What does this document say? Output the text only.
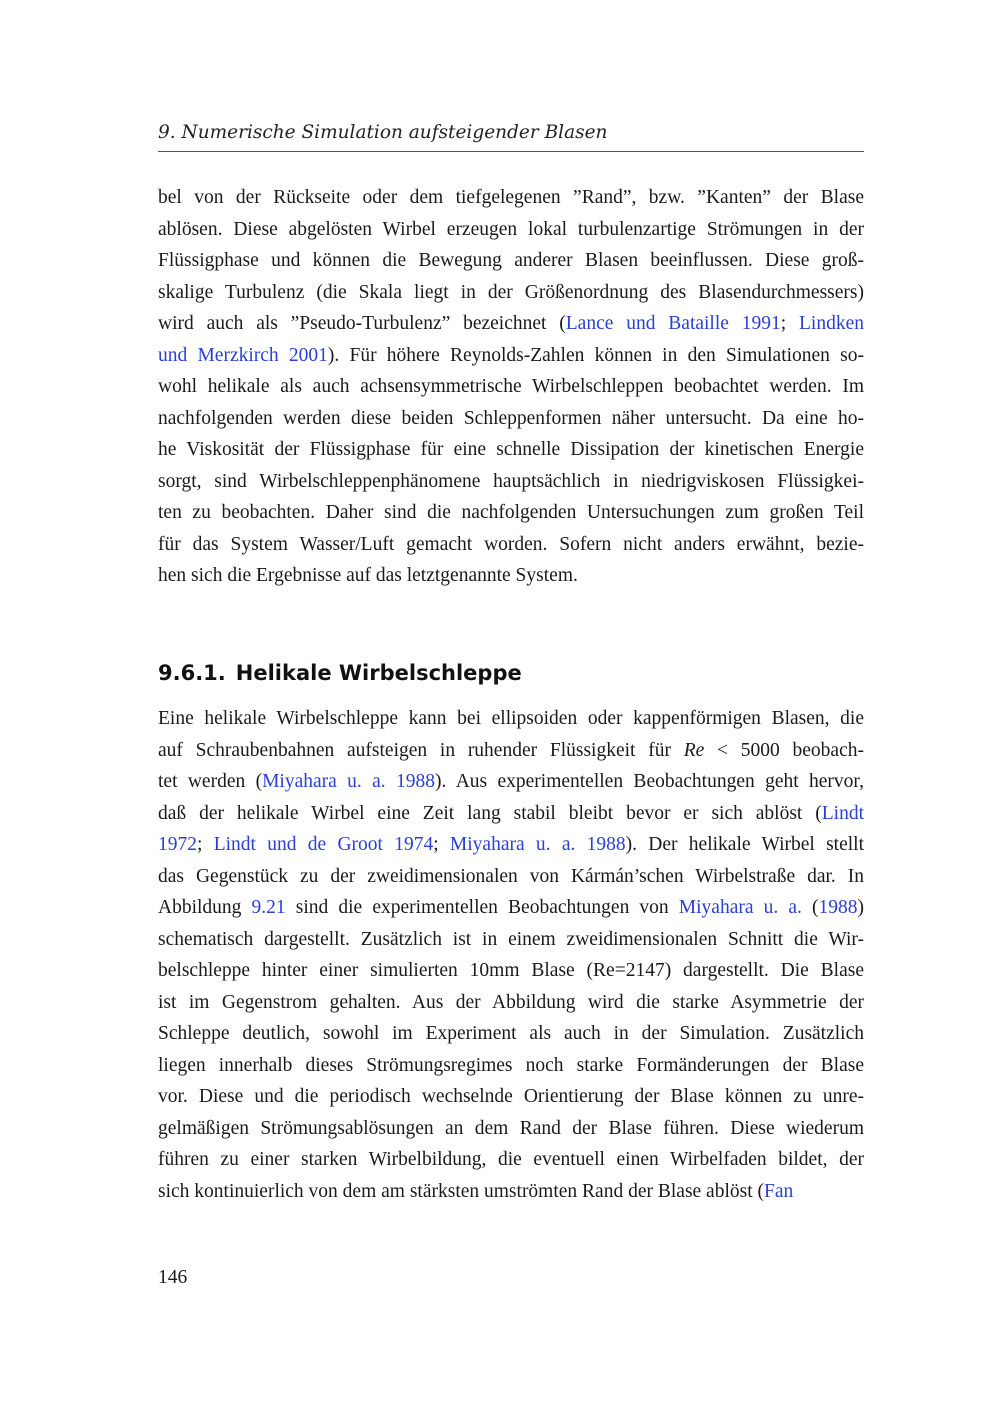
9. Numerische Simulation aufsteigender Blasen
bel von der Rückseite oder dem tiefgelegenen ”Rand”, bzw. ”Kanten” der Blase
ablösen. Diese abgelösten Wirbel erzeugen lokal turbulenzartige Strömungen in der
Flüssigphase und können die Bewegung anderer Blasen beeinflussen. Diese groß-
skalige Turbulenz (die Skala liegt in der Größenordnung des Blasendurchmessers)
wird auch als ”Pseudo-Turbulenz” bezeichnet (Lance und Bataille 1991; Lindken
und Merzkirch 2001). Für höhere Reynolds-Zahlen können in den Simulationen so-
wohl helikale als auch achsensymmetrische Wirbelschleppen beobachtet werden. Im
nachfolgenden werden diese beiden Schleppenformen näher untersucht. Da eine ho-
he Viskosität der Flüssigphase für eine schnelle Dissipation der kinetischen Energie
sorgt, sind Wirbelschleppenphänomene hauptsächlich in niedrigviskosen Flüssigkei-
ten zu beobachten. Daher sind die nachfolgenden Untersuchungen zum großen Teil
für das System Wasser/Luft gemacht worden. Sofern nicht anders erwähnt, bezie-
hen sich die Ergebnisse auf das letztgenannte System.
9.6.1. Helikale Wirbelschleppe
Eine helikale Wirbelschleppe kann bei ellipsoiden oder kappenförmigen Blasen, die
auf Schraubenbahnen aufsteigen in ruhender Flüssigkeit für Re < 5000 beobach-
tet werden (Miyahara u. a. 1988). Aus experimentellen Beobachtungen geht hervor,
daß der helikale Wirbel eine Zeit lang stabil bleibt bevor er sich ablöst (Lindt
1972; Lindt und de Groot 1974; Miyahara u. a. 1988). Der helikale Wirbel stellt
das Gegenstück zu der zweidimensionalen von Kármán’schen Wirbelstraße dar. In
Abbildung 9.21 sind die experimentellen Beobachtungen von Miyahara u. a. (1988)
schematisch dargestellt. Zusätzlich ist in einem zweidimensionalen Schnitt die Wir-
belschleppe hinter einer simulierten 10mm Blase (Re=2147) dargestellt. Die Blase
ist im Gegenstrom gehalten. Aus der Abbildung wird die starke Asymmetrie der
Schleppe deutlich, sowohl im Experiment als auch in der Simulation. Zusätzlich
liegen innerhalb dieses Strömungsregimes noch starke Formänderungen der Blase
vor. Diese und die periodisch wechselnde Orientierung der Blase können zu unre-
gelmäßigen Strömungsablösungen an dem Rand der Blase führen. Diese wiederum
führen zu einer starken Wirbelbildung, die eventuell einen Wirbelfaden bildet, der
sich kontinuierlich von dem am stärksten umströmten Rand der Blase ablöst (Fan
146
